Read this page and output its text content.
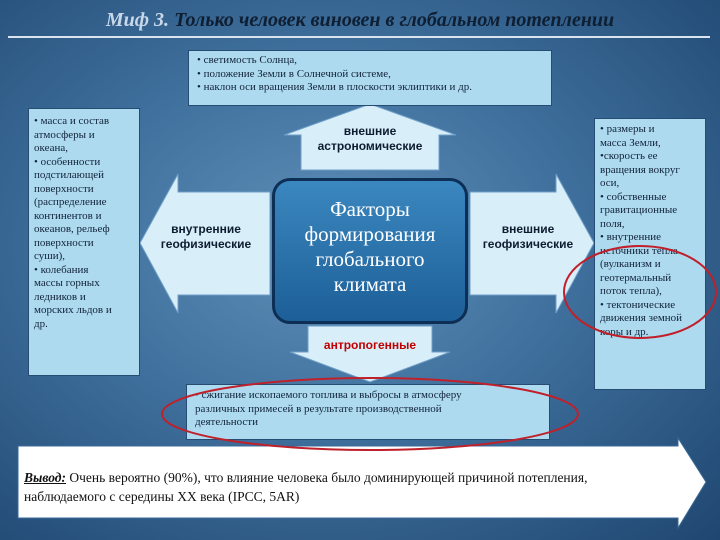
Миф 3. Только человек виновен в глобальном потеплении
• светимость Солнца,
• положение Земли в Солнечной системе,
• наклон оси вращения Земли в плоскости эклиптики и др.
• масса и состав
атмосферы и
океана,
• особенности
подстилающей
поверхности
(распределение
континентов и
океанов, рельеф
поверхности
суши),
• колебания
массы горных
ледников и
морских льдов и
др.
• размеры и
масса Земли,
•скорость ее
вращения вокруг
оси,
• собственные
гравитационные
поля,
• внутренние
источники тепла
(вулканизм и
геотермальный
поток тепла),
• тектонические
движения земной
коры и др.
• сжигание ископаемого топлива и выбросы в атмосферу
различных примесей в результате производственной
деятельности
внешние
астрономические
внутренние
геофизические
внешние
геофизические
антропогенные
Факторы
формирования
глобального
климата
Вывод: Очень вероятно (90%), что влияние человека было доминирующей причиной потепления, наблюдаемого с середины XX века (IPCC, 5AR)
